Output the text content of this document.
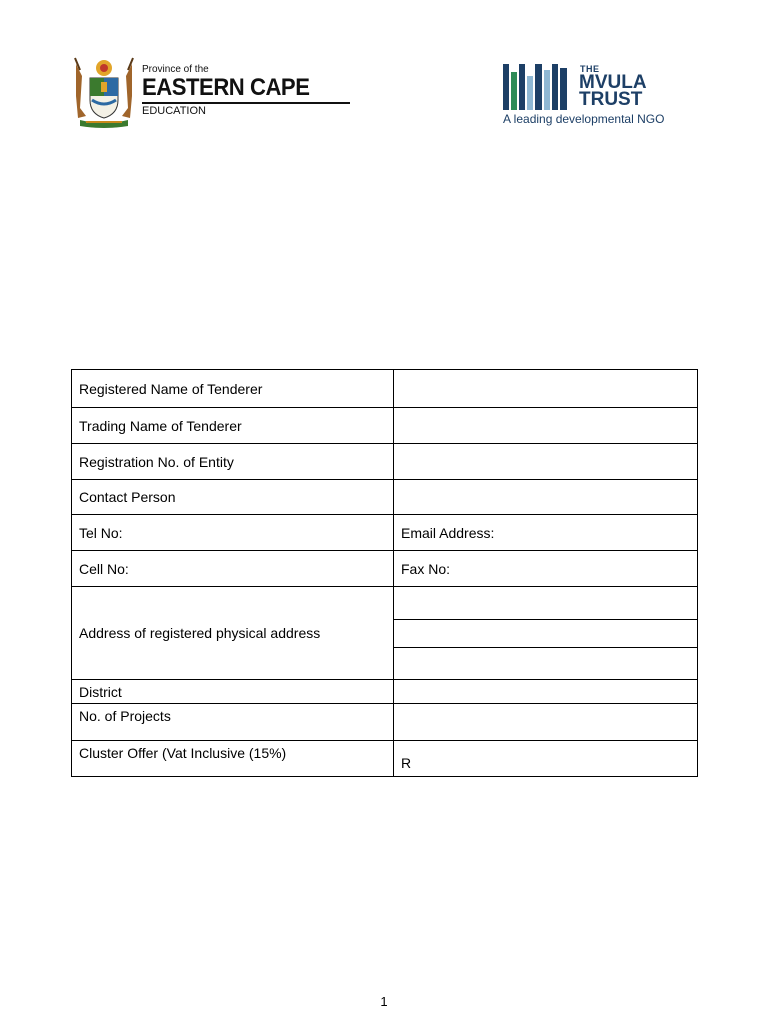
Province of the
EASTERN CAPE
EDUCATION
THE
MVULA
TRUST
A leading developmental NGO
Registered Name of Tenderer	
Trading Name of Tenderer	
Registration No. of Entity	
Contact Person	
Tel No:	Email Address:
Cell No:	Fax No:
Address of registered physical address	

District	
No. of Projects	
Cluster Offer (Vat Inclusive (15%)	R
1
